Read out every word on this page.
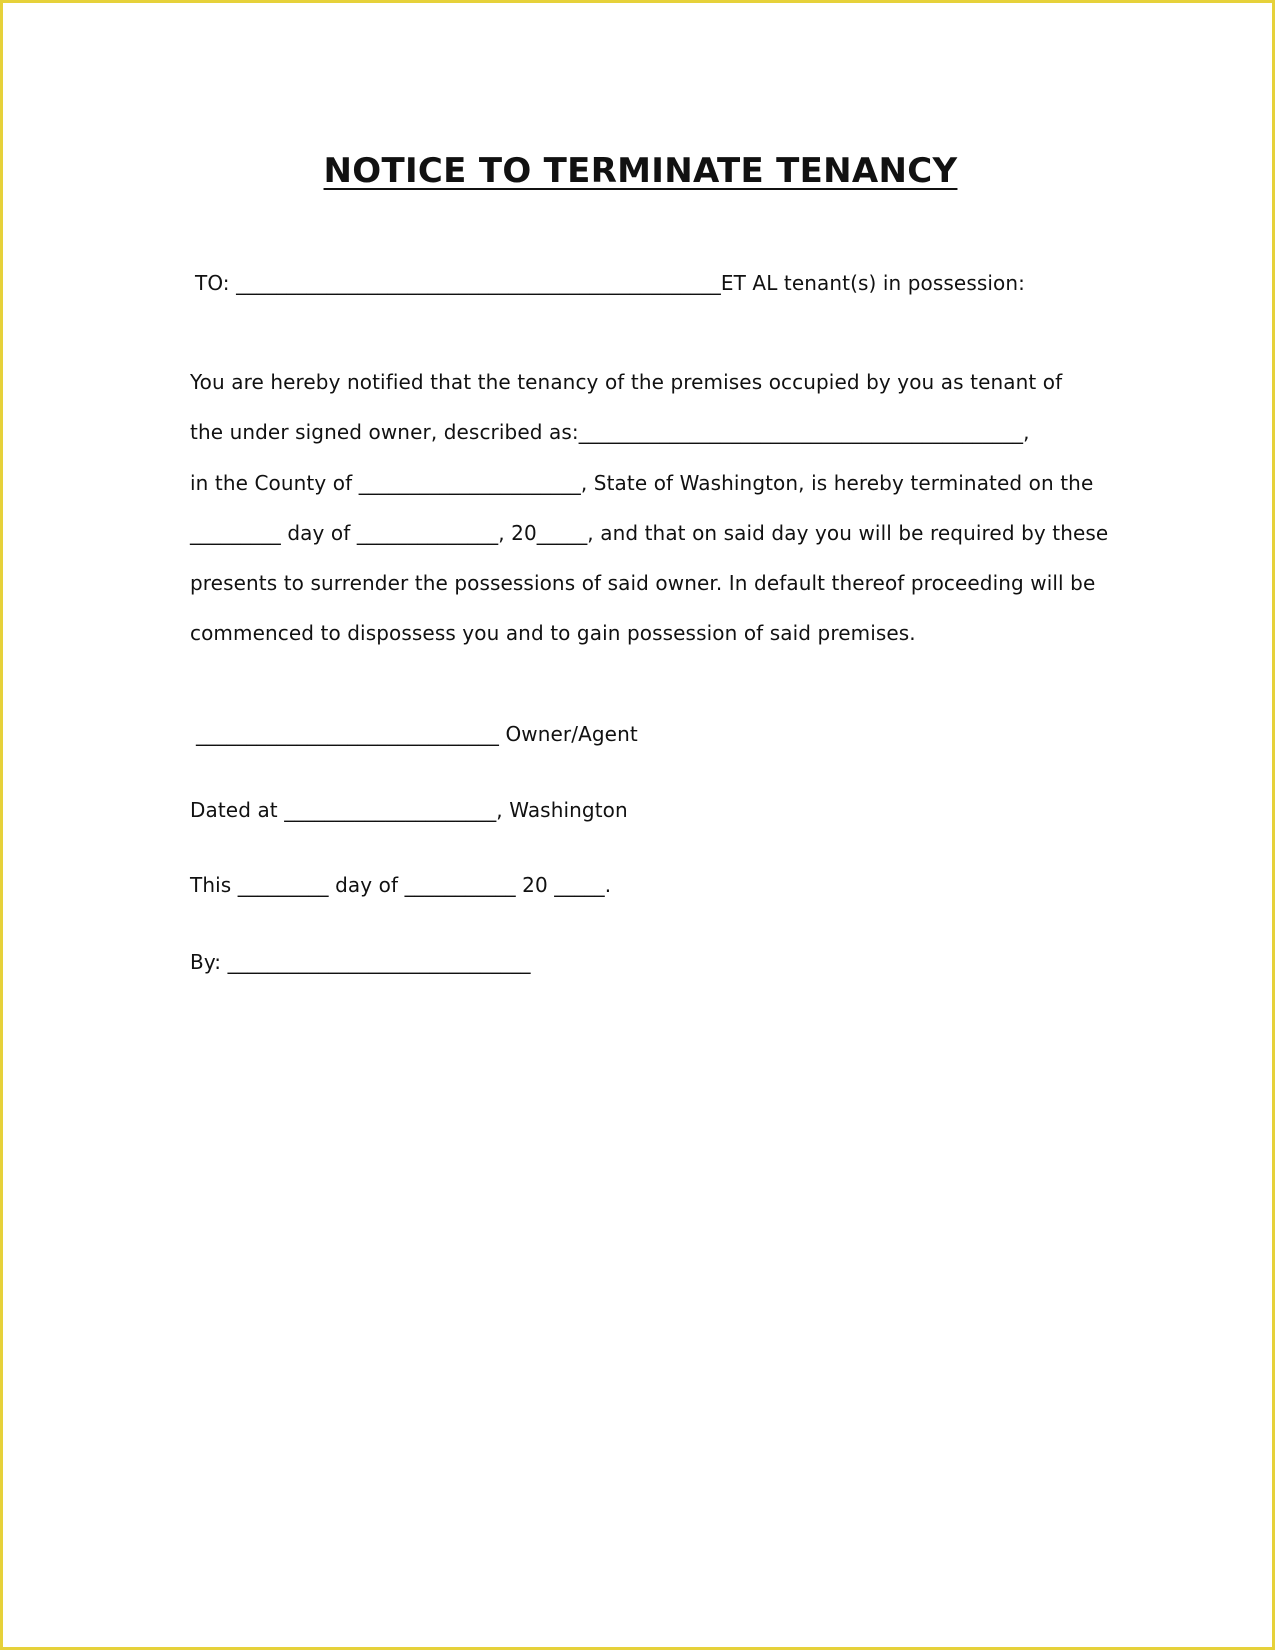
NOTICE TO TERMINATE TENANCY
TO: ________________________________________________ET AL tenant(s) in possession:
You are hereby notified that the tenancy of the premises occupied by you as tenant of
the under signed owner, described as:____________________________________________,
in the County of ______________________, State of Washington, is hereby terminated on the
_________ day of ______________, 20_____, and that on said day you will be required by these
presents to surrender the possessions of said owner. In default thereof proceeding will be
commenced to dispossess you and to gain possession of said premises.
______________________________ Owner/Agent
Dated at _____________________, Washington
This _________ day of ___________ 20 _____.
By: ______________________________
